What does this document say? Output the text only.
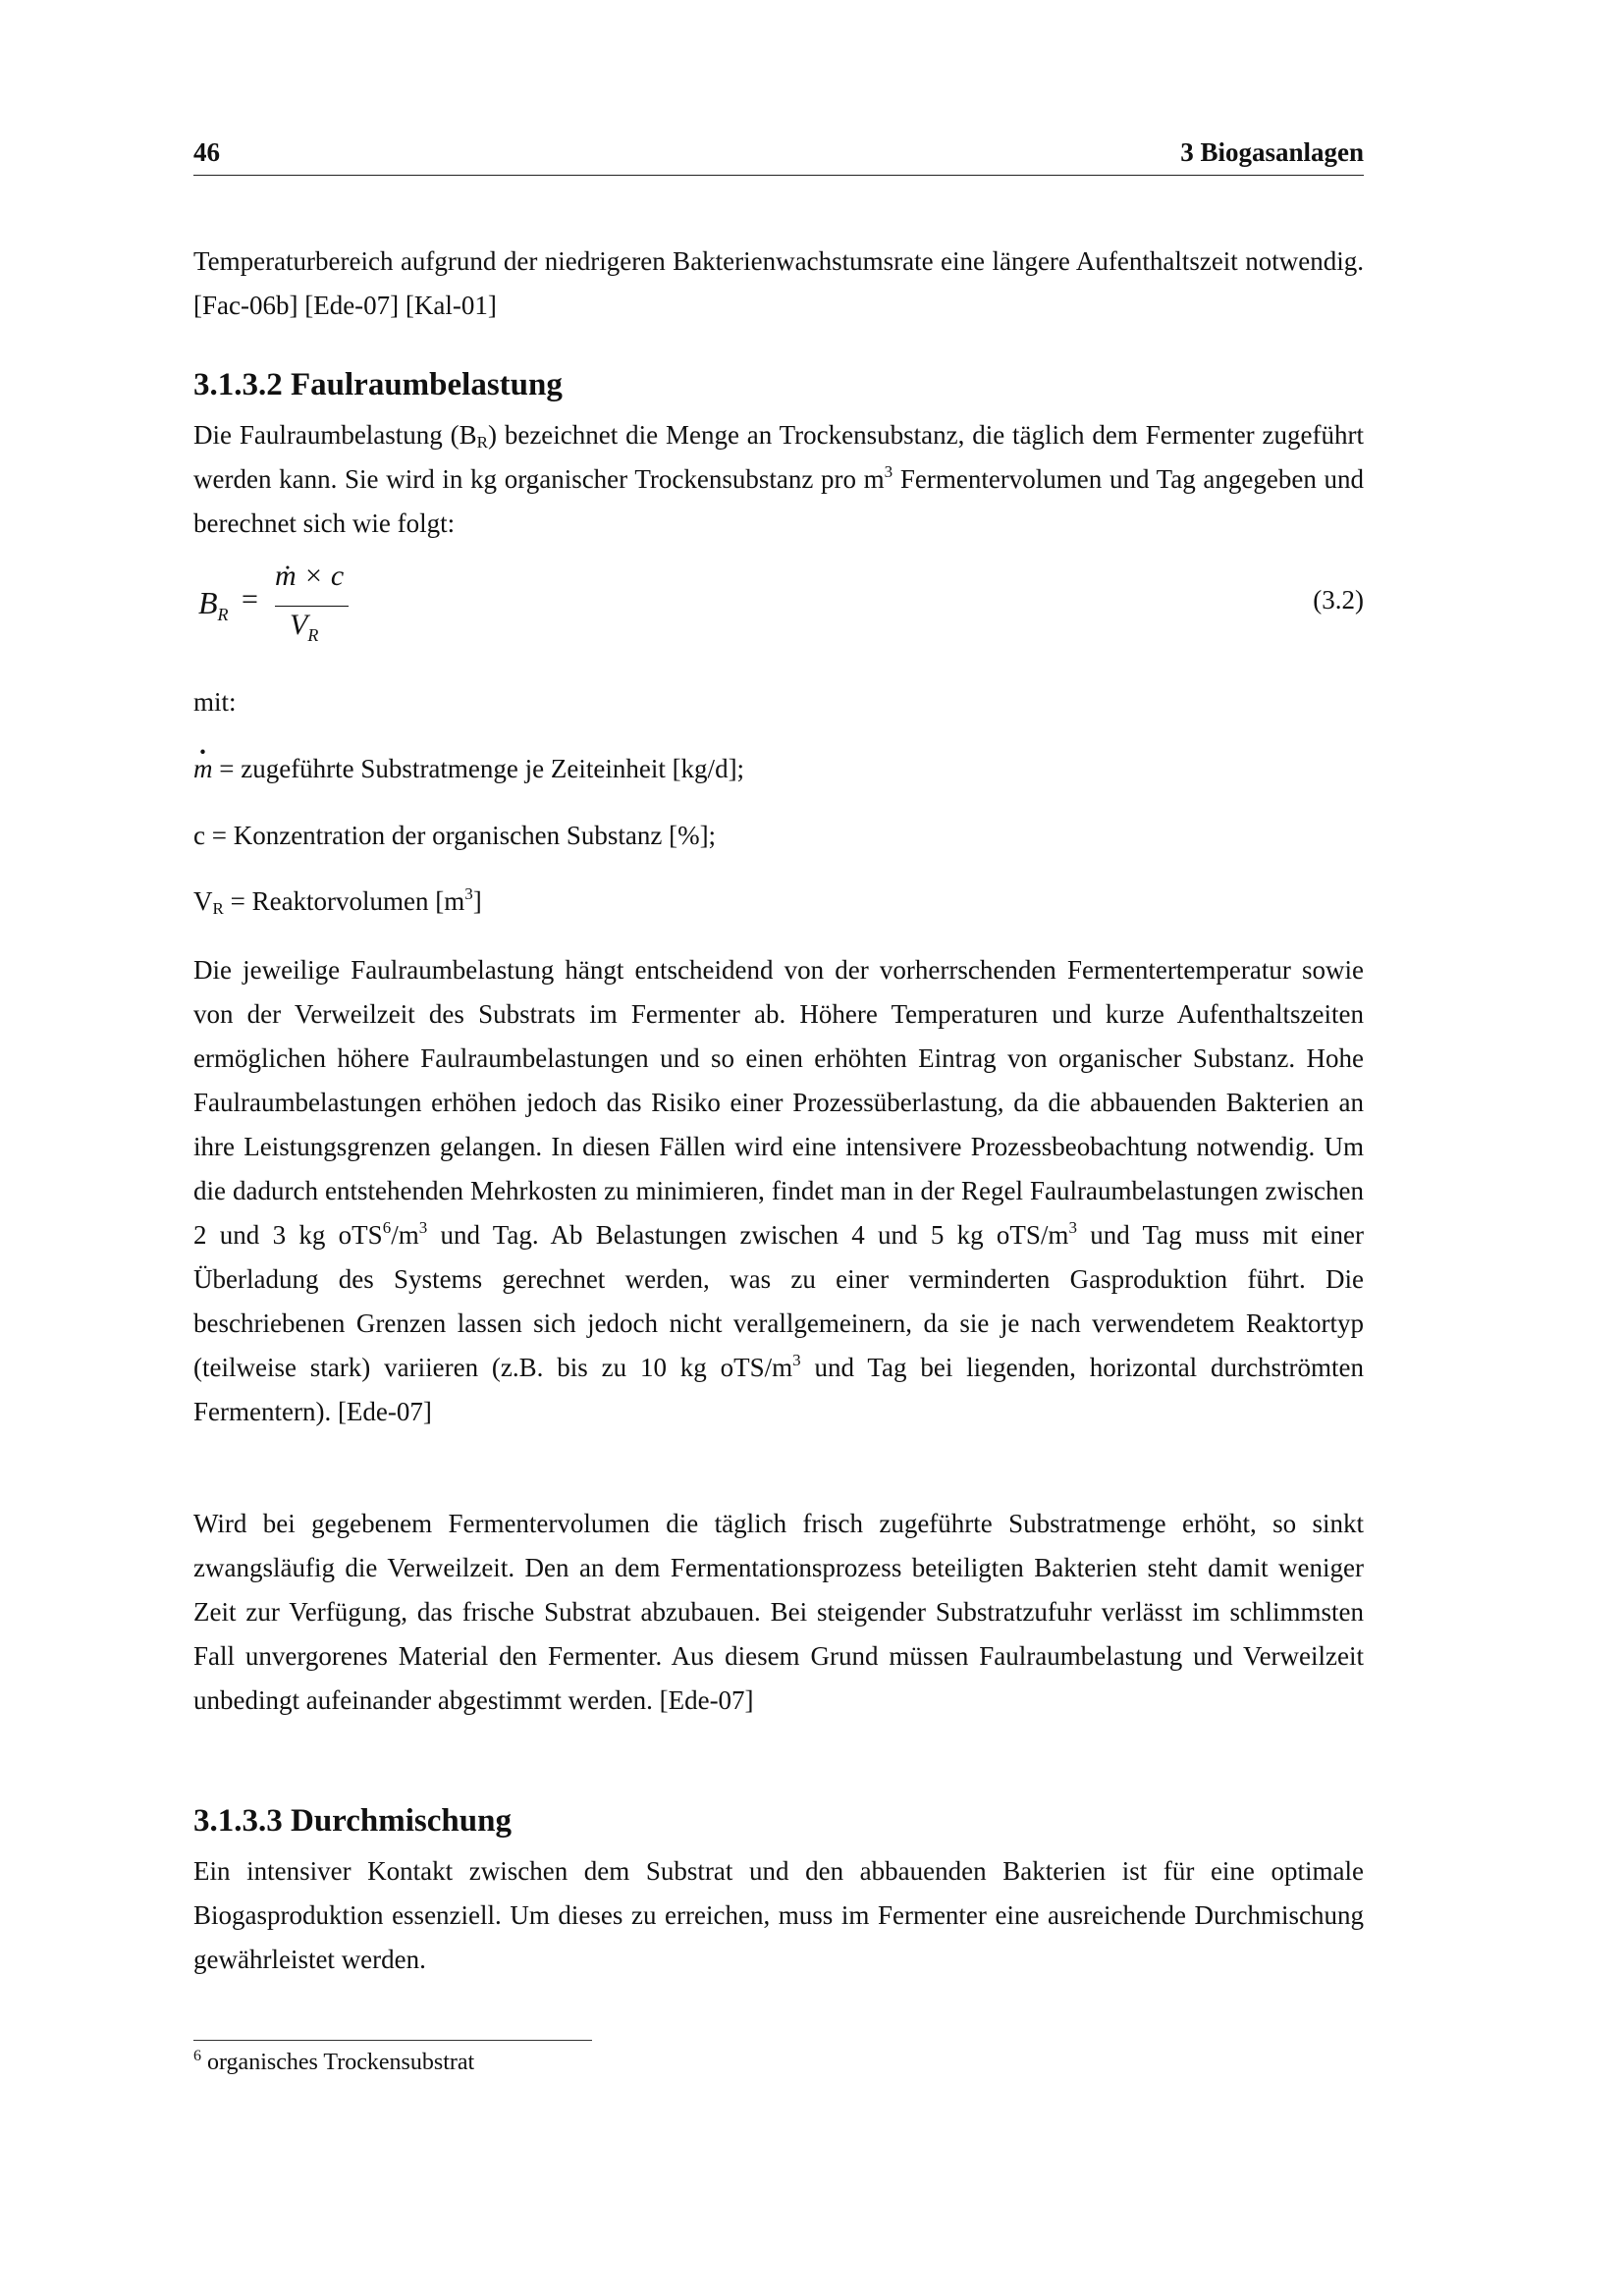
46	3 Biogasanlagen

Temperaturbereich aufgrund der niedrigeren Bakterienwachstumsrate eine längere Aufenthaltszeit notwendig. [Fac-06b] [Ede-07] [Kal-01]

3.1.3.2 Faulraumbelastung

Die Faulraumbelastung $(B_R)$ bezeichnet die Menge an Trockensubstanz, die täglich dem Fermenter zugeführt werden kann. Sie wird in kg organischer Trockensubstanz pro $m^3$ Fermentervolumen und Tag angegeben und berechnet sich wie folgt:

$B_R$ =
ṁ × c
$V_R$
(3.2)
mit:
m · = zugeführte Substratmenge je Zeiteinheit [kg/d];
c = Konzentration der organischen Substanz [%];
$V_R$ = Reaktorvolumen $[m^3]$

Die jeweilige Faulraumbelastung hängt entscheidend von der vorherrschenden Fermentertemperatur sowie von der Verweilzeit des Substrats im Fermenter ab. Höhere Temperaturen und kurze Aufenthaltszeiten ermöglichen höhere Faulraumbelastungen und so einen erhöhten Eintrag von organischer Substanz. Hohe Faulraumbelastungen erhöhen jedoch das Risiko einer Prozessüberlastung, da die abbauenden Bakterien an ihre Leistungsgrenzen gelangen. In diesen Fällen wird eine intensivere Prozessbeobachtung notwendig. Um die dadurch entstehenden Mehrkosten zu minimieren, findet man in der Regel Faulraumbelastungen zwischen 2 und 3 kg $oTS^6/m^3$ und Tag. Ab Belastungen zwischen 4 und 5 kg oTS/$m^3$ und Tag muss mit einer Überladung des Systems gerechnet werden, was zu einer verminderten Gasproduktion führt. Die beschriebenen Grenzen lassen sich jedoch nicht verallgemeinern, da sie je nach verwendetem Reaktortyp (teilweise stark) variieren (z.B. bis zu 10 kg oTS/$m^3$ und Tag bei liegenden, horizontal durchströmten Fermentern). [Ede-07]

Wird bei gegebenem Fermentervolumen die täglich frisch zugeführte Substratmenge erhöht, so sinkt zwangsläufig die Verweilzeit. Den an dem Fermentationsprozess beteiligten Bakterien steht damit weniger Zeit zur Verfügung, das frische Substrat abzubauen. Bei steigender Substratzufuhr verlässt im schlimmsten Fall unvergorenes Material den Fermenter. Aus diesem Grund müssen Faulraumbelastung und Verweilzeit unbedingt aufeinander abgestimmt werden. [Ede-07]

3.1.3.3 Durchmischung

Ein intensiver Kontakt zwischen dem Substrat und den abbauenden Bakterien ist für eine optimale Biogasproduktion essenziell. Um dieses zu erreichen, muss im Fermenter eine ausreichende Durchmischung gewährleistet werden.

$^6$ organisches Trockensubstrat
